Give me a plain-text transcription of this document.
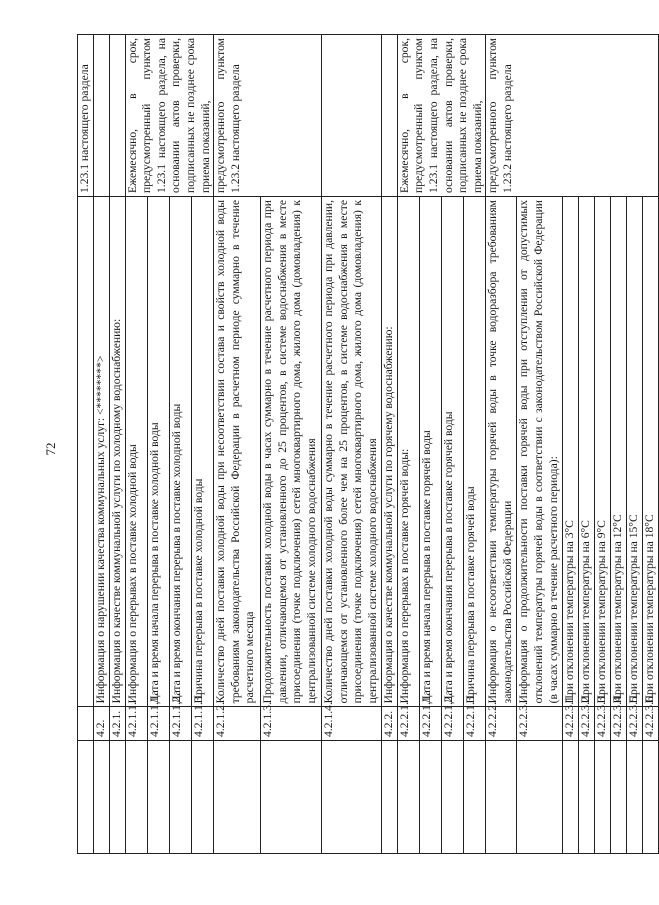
72
			1.23.1 настоящего раздела
	4.2.	Информация о нарушении качества коммунальных услуг: <********>	
	4.2.1.	Информация о качестве коммунальной услуги по холодному водоснабжению:	
	4.2.1.1.	Информация о перерывах в поставке холодной воды	Ежемесячно, в срок, предусмотренный пунктом 1.23.1 настоящего раздела, на основании актов проверки, подписанных не позднее срока приема показаний,
	4.2.1.1.1.	Дата и время начала перерыва в поставке холодной воды	
	4.2.1.1.2.	Дата и время окончания перерыва в поставке холодной воды	
	4.2.1.1.3.	Причина перерыва в поставке холодной воды	
	4.2.1.2.	Количество дней поставки холодной воды при несоответствии состава и свойств холодной воды требованиям законодательства Российской Федерации в расчетном периоде суммарно в течение расчетного месяца	предусмотренного пунктом 1.23.2 настоящего раздела
	4.2.1.3.	Продолжительность поставки холодной воды в часах суммарно в течение расчетного периода при давлении, отличающемся от установленного до 25 процентов, в системе водоснабжения в месте присоединения (точке подключения) сетей многоквартирного дома, жилого дома (домовладения) к централизованной системе холодного водоснабжения	
	4.2.1.4.	Количество дней поставки холодной воды суммарно в течение расчетного периода при давлении, отличающемся от установленного более чем на 25 процентов, в системе водоснабжения в месте присоединения (точке подключения) сетей многоквартирного дома, жилого дома (домовладения) к централизованной системе холодного водоснабжения	
	4.2.2.	Информация о качестве коммунальной услуги по горячему водоснабжению:	
	4.2.2.1.	Информация о перерывах в поставке горячей воды:	Ежемесячно, в срок, предусмотренный пунктом 1.23.1 настоящего раздела, на основании актов проверки, подписанных не позднее срока приема показаний,
	4.2.2.1.1.	Дата и время начала перерыва в поставке горячей воды	
	4.2.2.1.2.	Дата и время окончания перерыва в поставке горячей воды	
	4.2.2.1.3.	Причина перерыва в поставке горячей воды	
	4.2.2.2.	Информация о несоответствии температуры горячей воды в точке водоразбора требованиям законодательства Российской Федерации	предусмотренного пунктом 1.23.2 настоящего раздела
	4.2.2.3.	Информация о продолжительности поставки горячей воды при отступлении от допустимых отклонений температуры горячей воды в соответствии с законодательством Российской Федерации (в часах суммарно в течение расчетного периода):	
	4.2.2.3.1.	При отклонении температуры на 3°С	
	4.2.2.3.2.	При отклонении температуры на 6°С	
	4.2.2.3.3.	При отклонении температуры на 9°С	
	4.2.2.3.4.	При отклонении температуры на 12°С	
	4.2.2.3.5.	При отклонении температуры на 15°С	
	4.2.2.3.6.	При отклонении температуры на 18°С	
